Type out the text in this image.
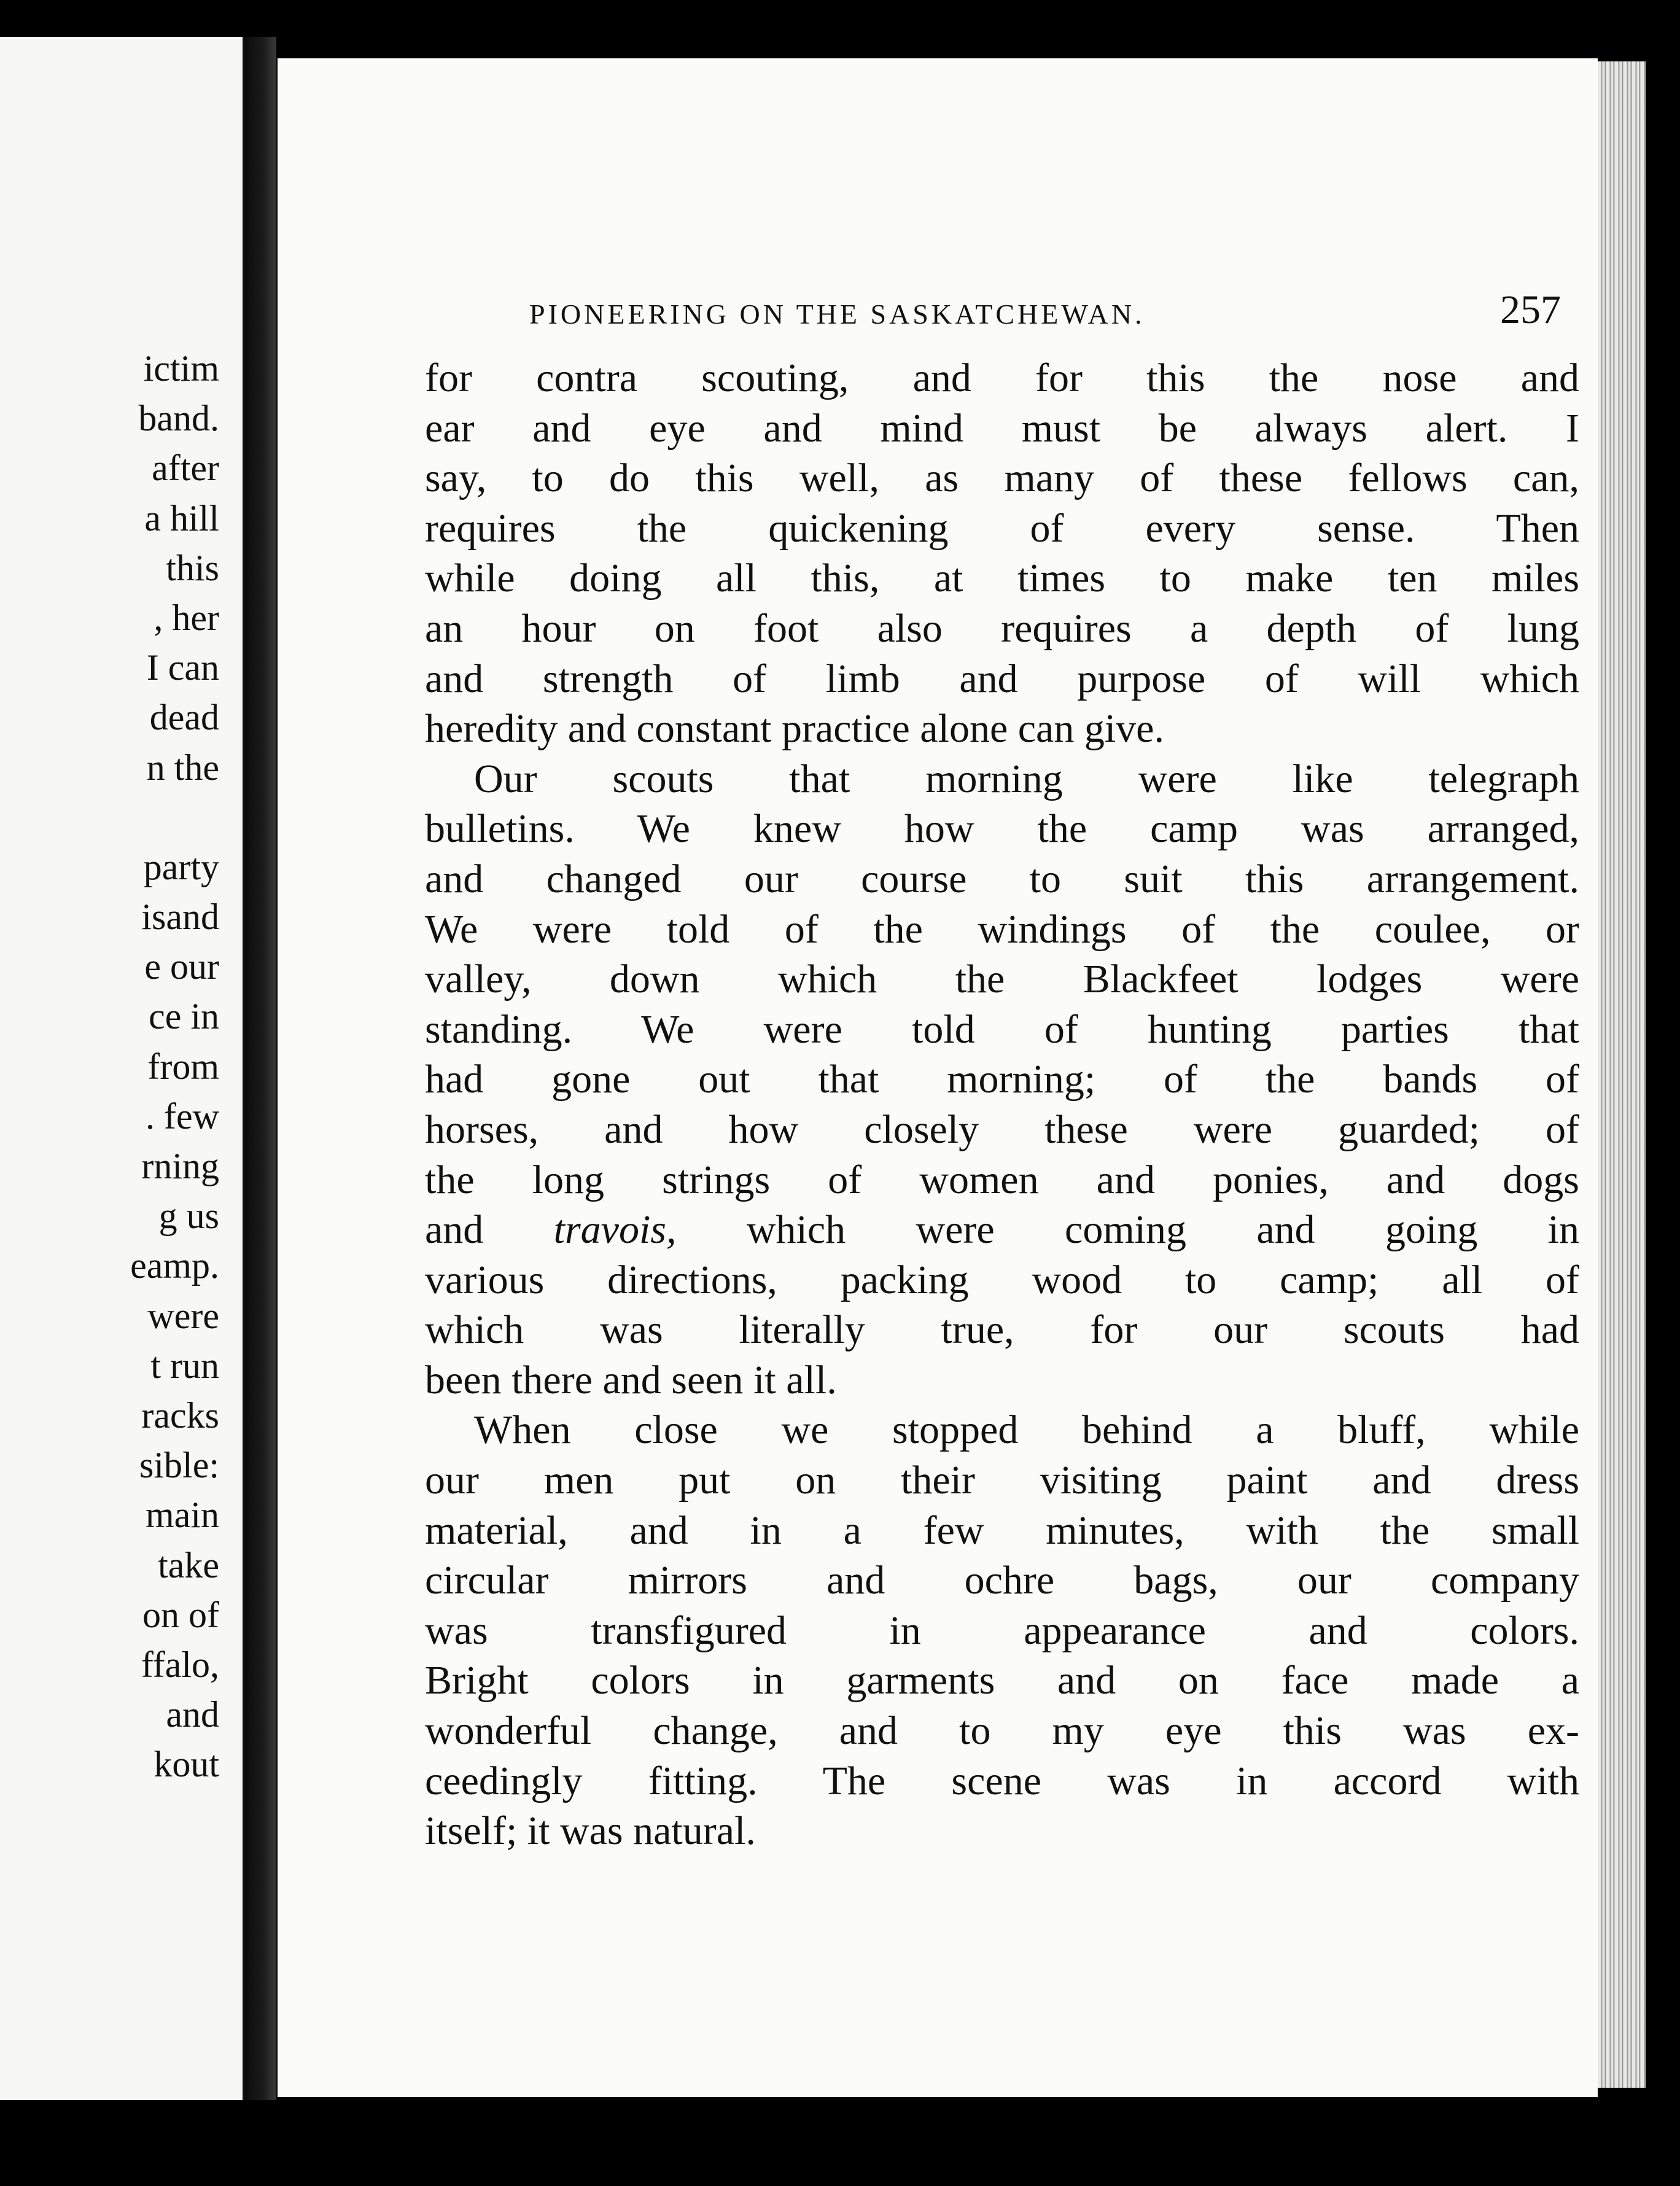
ictim
band.
after
a hill
this
, her
I can
dead
n the
party
isand
e our
ce in
from
. few
rning
g us
eamp.
were
t run
racks
sible:
main
take
on of
ffalo,
and
kout
PIONEERING ON THE SASKATCHEWAN.	257
for contra scouting, and for this the nose and
ear and eye and mind must be always alert. I
say, to do this well, as many of these fellows can,
requires the quickening of every sense. Then
while doing all this, at times to make ten miles
an hour on foot also requires a depth of lung
and strength of limb and purpose of will which
heredity and constant practice alone can give.
Our scouts that morning were like telegraph
bulletins. We knew how the camp was arranged,
and changed our course to suit this arrangement.
We were told of the windings of the coulee, or
valley, down which the Blackfeet lodges were
standing. We were told of hunting parties that
had gone out that morning; of the bands of
horses, and how closely these were guarded; of
the long strings of women and ponies, and dogs
and travois, which were coming and going in
various directions, packing wood to camp; all of
which was literally true, for our scouts had
been there and seen it all.
When close we stopped behind a bluff, while
our men put on their visiting paint and dress
material, and in a few minutes, with the small
circular mirrors and ochre bags, our company
was transfigured in appearance and colors.
Bright colors in garments and on face made a
wonderful change, and to my eye this was ex-
ceedingly fitting. The scene was in accord with
itself; it was natural.
